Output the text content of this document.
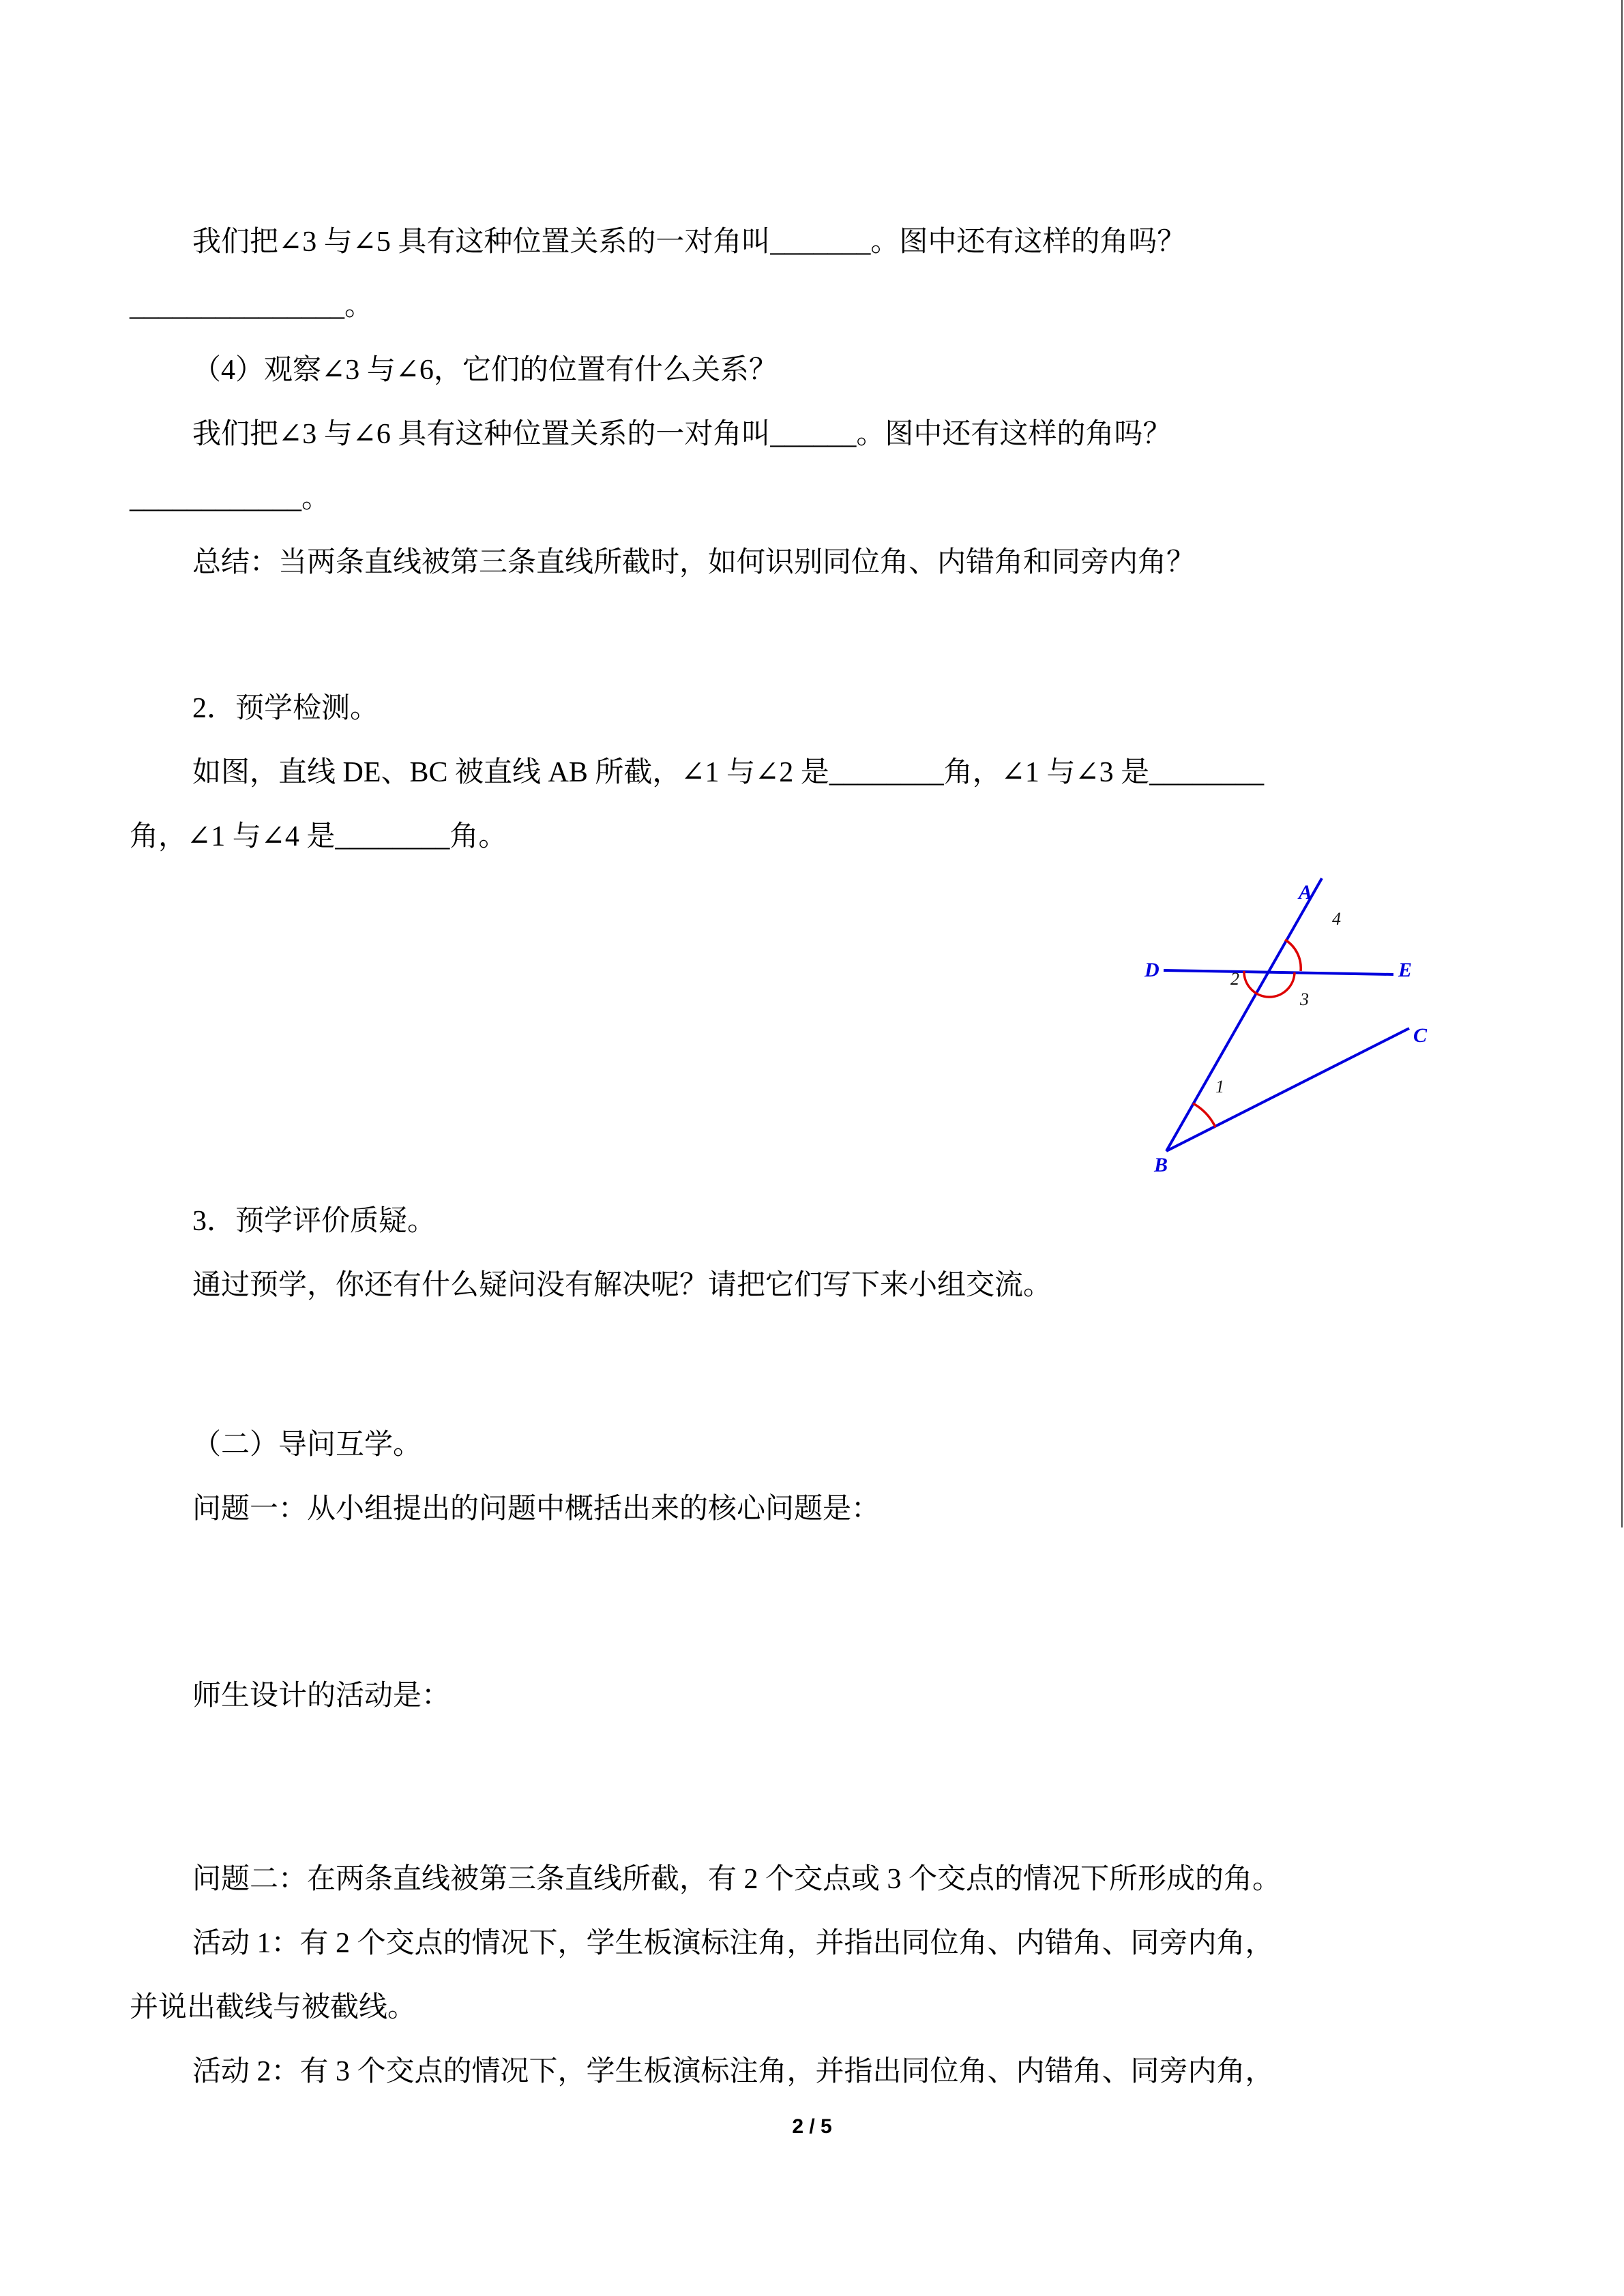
我们把∠3 与∠5 具有这种位置关系的一对角叫_______。图中还有这样的角吗？

_______________。

（4）观察∠3 与∠6，它们的位置有什么关系？

我们把∠3 与∠6 具有这种位置关系的一对角叫______。图中还有这样的角吗？

____________。

总结：当两条直线被第三条直线所截时，如何识别同位角、内错角和同旁内角？

2．预学检测。

如图，直线 DE、BC 被直线 AB 所截，∠1 与∠2 是________角，∠1 与∠3 是________

角，∠1 与∠4 是________角。

3．预学评价质疑。

通过预学，你还有什么疑问没有解决呢？请把它们写下来小组交流。

（二）导问互学。

问题一：从小组提出的问题中概括出来的核心问题是：

师生设计的活动是：

问题二：在两条直线被第三条直线所截，有 2 个交点或 3 个交点的情况下所形成的角。

活动 1：有 2 个交点的情况下，学生板演标注角，并指出同位角、内错角、同旁内角，

并说出截线与被截线。

活动 2：有 3 个交点的情况下，学生板演标注角，并指出同位角、内错角、同旁内角，

A
D	E
C
B
4
2
3
1
2 / 5
